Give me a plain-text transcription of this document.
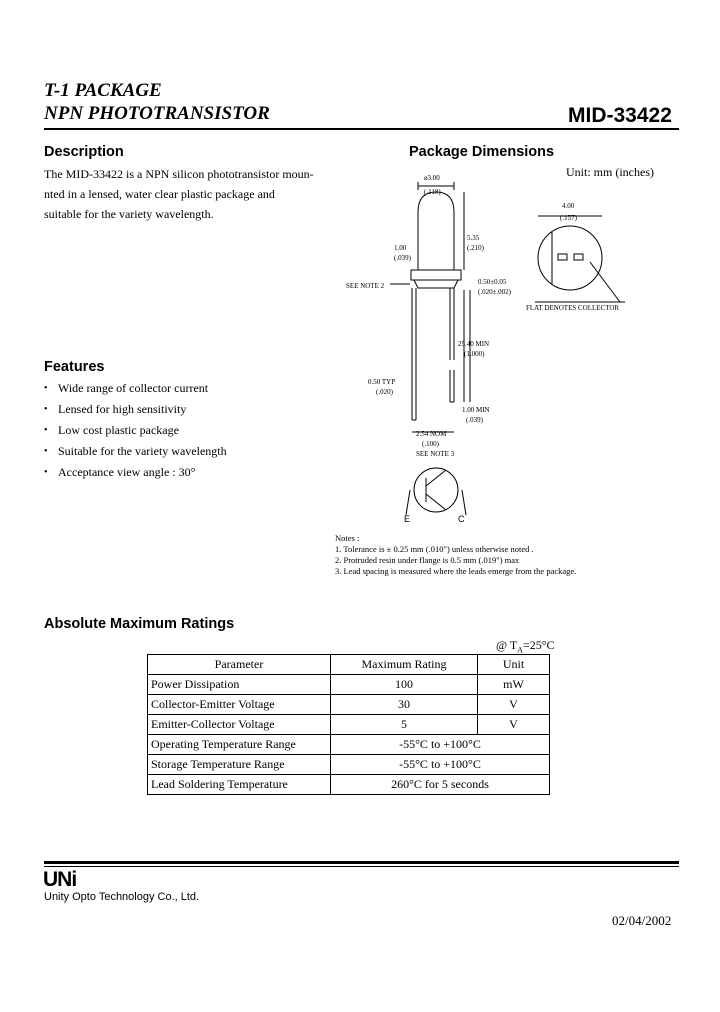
T-1 PACKAGE
NPN PHOTOTRANSISTOR	MID-33422
Description
The MID-33422 is a NPN silicon phototransistor moun-
nted in a lensed, water clear plastic package and
suitable for the variety wavelength.
Features
• Wide range of collector current
• Lensed for high sensitivity
• Low cost plastic package
• Suitable for the variety wavelength
• Acceptance view angle : 30°
Package Dimensions
Unit: mm (inches)
ø3.00
(.118)
5.35
(.210)
1.00
(.039)
SEE NOTE 2	0.50±0.05
(.020±.002)
25.40 MIN
(1.000)
0.50 TYP
(.020)
1.00 MIN
(.039)
2.54 NOM
(.100)
SEE NOTE 3
4.00
(.157)
FLAT DENOTES COLLECTOR
E	C
Notes :
1. Tolerance is ± 0.25 mm (.010") unless otherwise noted .
2. Protruded resin under flange is 0.5 mm (.019") max
3. Lead spacing is measured where the leads emerge from the package.
Absolute Maximum Ratings
@ $T_A=25^\circ C$
Parameter	Maximum Rating	Unit
Power Dissipation	100	mW
Collector-Emitter Voltage	30	V
Emitter-Collector Voltage	5	V
Operating Temperature Range	-55°C to +100°C	
Storage Temperature Range	-55°C to +100°C	
Lead Soldering Temperature	260°C for 5 seconds	
UNi
Unity Opto Technology Co., Ltd.
02/04/2002
